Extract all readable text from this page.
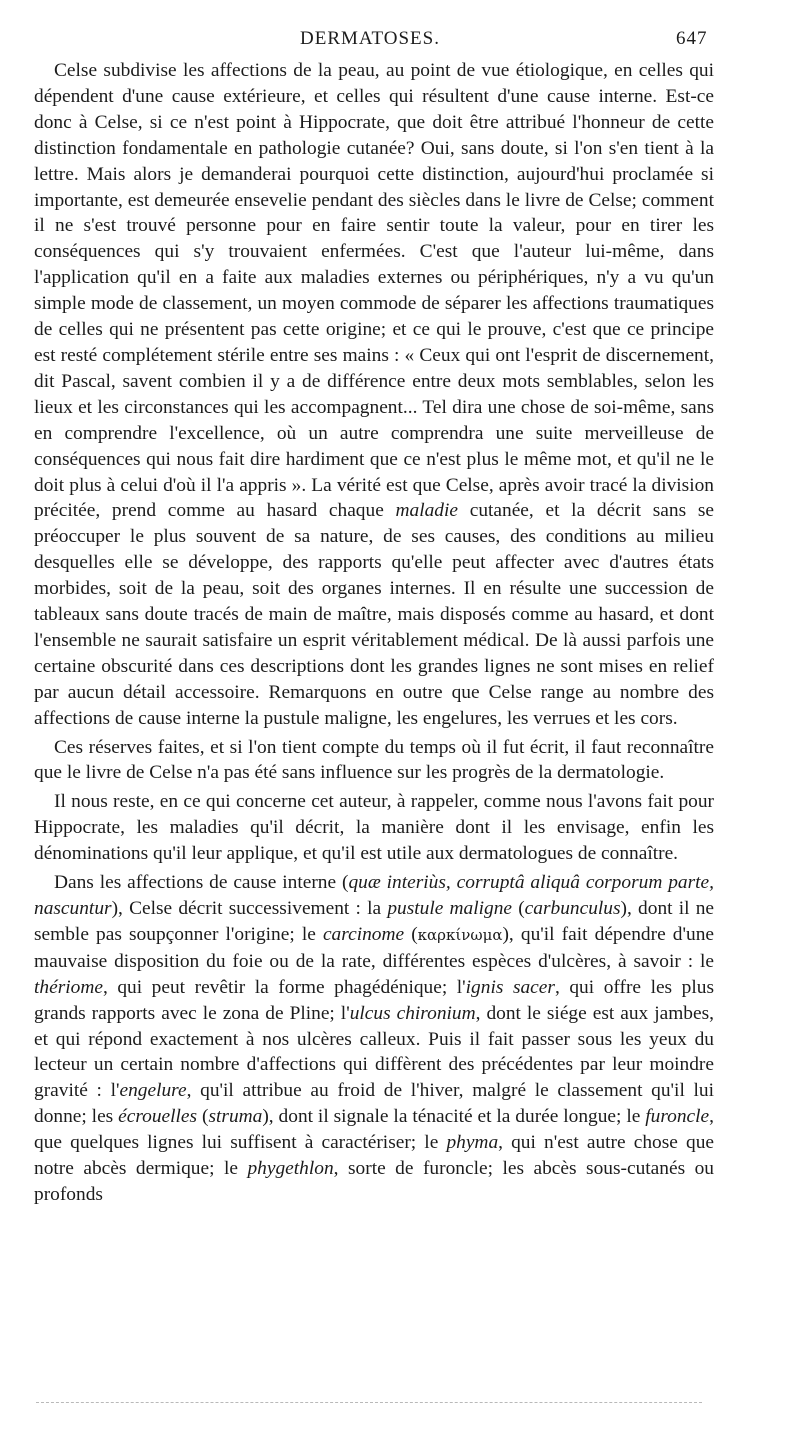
DERMATOSES.	647

Celse subdivise les affections de la peau, au point de vue étiologique, en celles qui dépendent d'une cause extérieure, et celles qui résultent d'une cause interne. Est-ce donc à Celse, si ce n'est point à Hippocrate, que doit être attribué l'honneur de cette distinction fondamentale en pathologie cutanée? Oui, sans doute, si l'on s'en tient à la lettre. Mais alors je demanderai pourquoi cette distinction, aujourd'hui proclamée si importante, est demeurée ensevelie pendant des siècles dans le livre de Celse; comment il ne s'est trouvé personne pour en faire sentir toute la valeur, pour en tirer les conséquences qui s'y trouvaient enfermées. C'est que l'auteur lui-même, dans l'application qu'il en a faite aux maladies externes ou périphériques, n'y a vu qu'un simple mode de classement, un moyen commode de séparer les affections traumatiques de celles qui ne présentent pas cette origine; et ce qui le prouve, c'est que ce principe est resté complétement stérile entre ses mains : « Ceux qui ont l'esprit de discernement, dit Pascal, savent combien il y a de différence entre deux mots semblables, selon les lieux et les circonstances qui les accompagnent... Tel dira une chose de soi-même, sans en comprendre l'excellence, où un autre comprendra une suite merveilleuse de conséquences qui nous fait dire hardiment que ce n'est plus le même mot, et qu'il ne le doit plus à celui d'où il l'a appris ». La vérité est que Celse, après avoir tracé la division précitée, prend comme au hasard chaque maladie cutanée, et la décrit sans se préoccuper le plus souvent de sa nature, de ses causes, des conditions au milieu desquelles elle se développe, des rapports qu'elle peut affecter avec d'autres états morbides, soit de la peau, soit des organes internes. Il en résulte une succession de tableaux sans doute tracés de main de maître, mais disposés comme au hasard, et dont l'ensemble ne saurait satisfaire un esprit véritablement médical. De là aussi parfois une certaine obscurité dans ces descriptions dont les grandes lignes ne sont mises en relief par aucun détail accessoire. Remarquons en outre que Celse range au nombre des affections de cause interne la pustule maligne, les engelures, les verrues et les cors.

Ces réserves faites, et si l'on tient compte du temps où il fut écrit, il faut reconnaître que le livre de Celse n'a pas été sans influence sur les progrès de la dermatologie.

Il nous reste, en ce qui concerne cet auteur, à rappeler, comme nous l'avons fait pour Hippocrate, les maladies qu'il décrit, la manière dont il les envisage, enfin les dénominations qu'il leur applique, et qu'il est utile aux dermatologues de connaître.

Dans les affections de cause interne (quæ interiùs, corruptâ aliquâ corporum parte, nascuntur), Celse décrit successivement : la pustule maligne (carbunculus), dont il ne semble pas soupçonner l'origine; le carcinome (καρκίνωμα), qu'il fait dépendre d'une mauvaise disposition du foie ou de la rate, différentes espèces d'ulcères, à savoir : le thériome, qui peut revêtir la forme phagédénique; l'ignis sacer, qui offre les plus grands rapports avec le zona de Pline; l'ulcus chironium, dont le siége est aux jambes, et qui répond exactement à nos ulcères calleux. Puis il fait passer sous les yeux du lecteur un certain nombre d'affections qui diffèrent des précédentes par leur moindre gravité : l'engelure, qu'il attribue au froid de l'hiver, malgré le classement qu'il lui donne; les écrouelles (struma), dont il signale la ténacité et la durée longue; le furoncle, que quelques lignes lui suffisent à caractériser; le phyma, qui n'est autre chose que notre abcès dermique; le phygethlon, sorte de furoncle; les abcès sous-cutanés ou profonds
